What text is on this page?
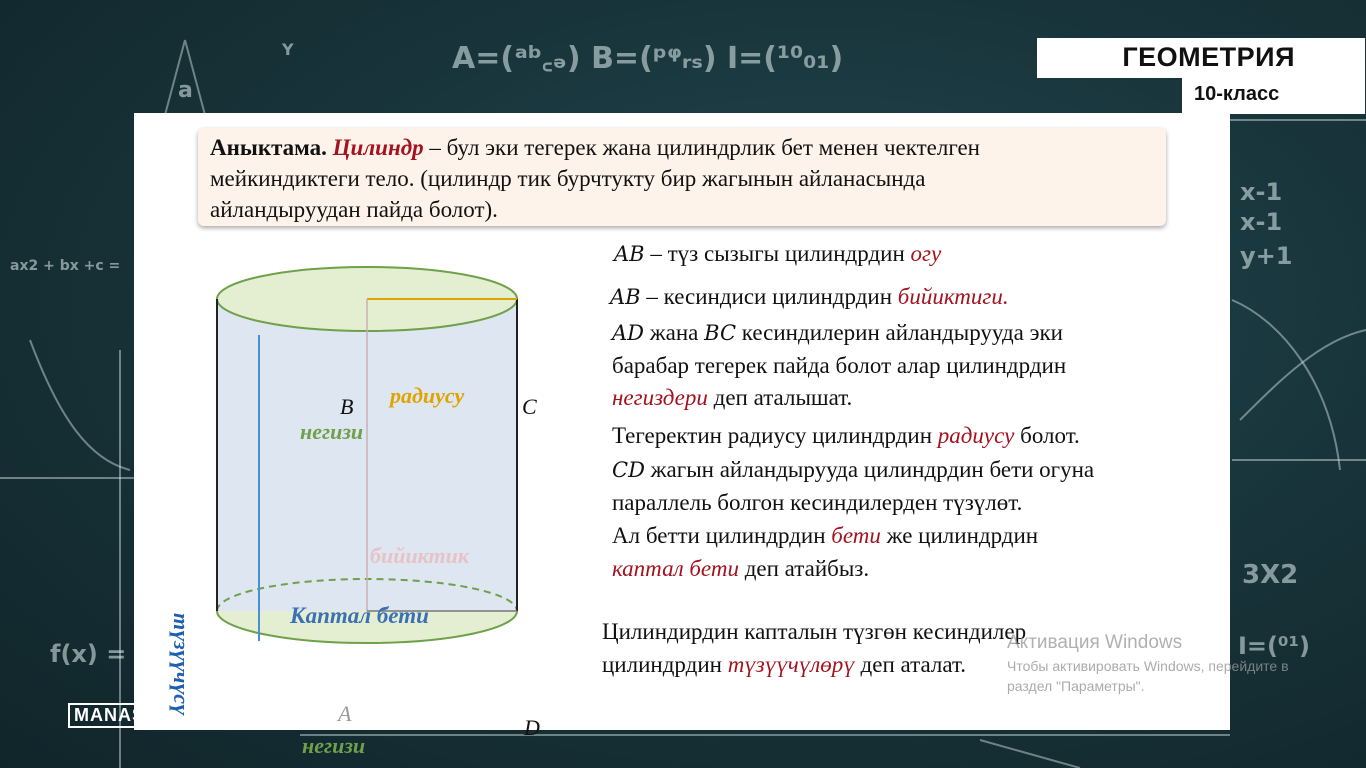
A=(ᵃᵇ꜀ₔ) B=(ᵖᵠᵣₛ) I=(¹⁰₀₁)
a
Y
ax2 + bx +c =
x-1
x-1
y+1
3X2
f(x) =	I=(⁰¹)
ГЕОМЕТРИЯ
10-класс
Аныктама. Цилиндр – бул эки тегерек жана цилиндрлик бет менен чектелген
мейкиндиктеги тело. (цилиндр тик бурчтукту бир жагынын айланасында
айландыруудан пайда болот).
B	C
A
D
радиусу
негизи
негизи
бийиктик
Каптал бети
түзүүчүсү
AB – түз сызыгы цилиндрдин огу
AB – кесиндиси цилиндрдин бийиктиги.
AD жана BC кесиндилерин айландырууда эки
барабар тегерек пайда болот алар цилиндрдин
негиздери деп аталышат.
Тегеректин радиусу цилиндрдин радиусу болот.
CD жагын айландырууда цилиндрдин бети огуна
параллель болгон кесиндилерден түзүлөт.
Ал бетти цилиндрдин бети же цилиндрдин
каптал бети деп атайбыз.
Цилиндирдин капталын түзгөн кесиндилер
цилиндрдин түзүүчүлөрү деп аталат.
MANAS
Активация Windows
Чтобы активировать Windows, перейдите в
раздел "Параметры".
